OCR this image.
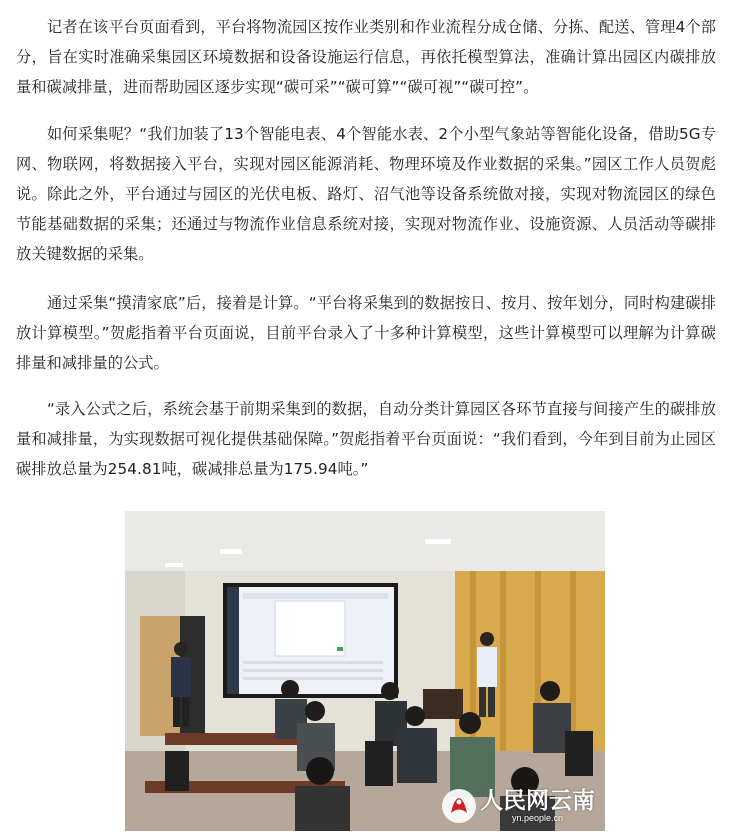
记者在该平台页面看到，平台将物流园区按作业类别和作业流程分成仓储、分拣、配送、管理4个部分，旨在实时准确采集园区环境数据和设备设施运行信息，再依托模型算法，准确计算出园区内碳排放量和碳减排量，进而帮助园区逐步实现“碳可采”“碳可算”“碳可视”“碳可控”。

如何采集呢？“我们加装了13个智能电表、4个智能水表、2个小型气象站等智能化设备，借助5G专网、物联网，将数据接入平台，实现对园区能源消耗、物理环境及作业数据的采集。”园区工作人员贺彪说。除此之外，平台通过与园区的光伏电板、路灯、沼气池等设备系统做对接，实现对物流园区的绿色节能基础数据的采集；还通过与物流作业信息系统对接，实现对物流作业、设施资源、人员活动等碳排放关键数据的采集。

通过采集“摸清家底”后，接着是计算。“平台将采集到的数据按日、按月、按年划分，同时构建碳排放计算模型。”贺彪指着平台页面说，目前平台录入了十多种计算模型，这些计算模型可以理解为计算碳排量和减排量的公式。

“录入公式之后，系统会基于前期采集到的数据，自动分类计算园区各环节直接与间接产生的碳排放量和减排量，为实现数据可视化提供基础保障。”贺彪指着平台页面说：“我们看到，今年到目前为止园区碳排放总量为254.81吨，碳减排总量为175.94吨。”

人民网云南
yn.people.cn
